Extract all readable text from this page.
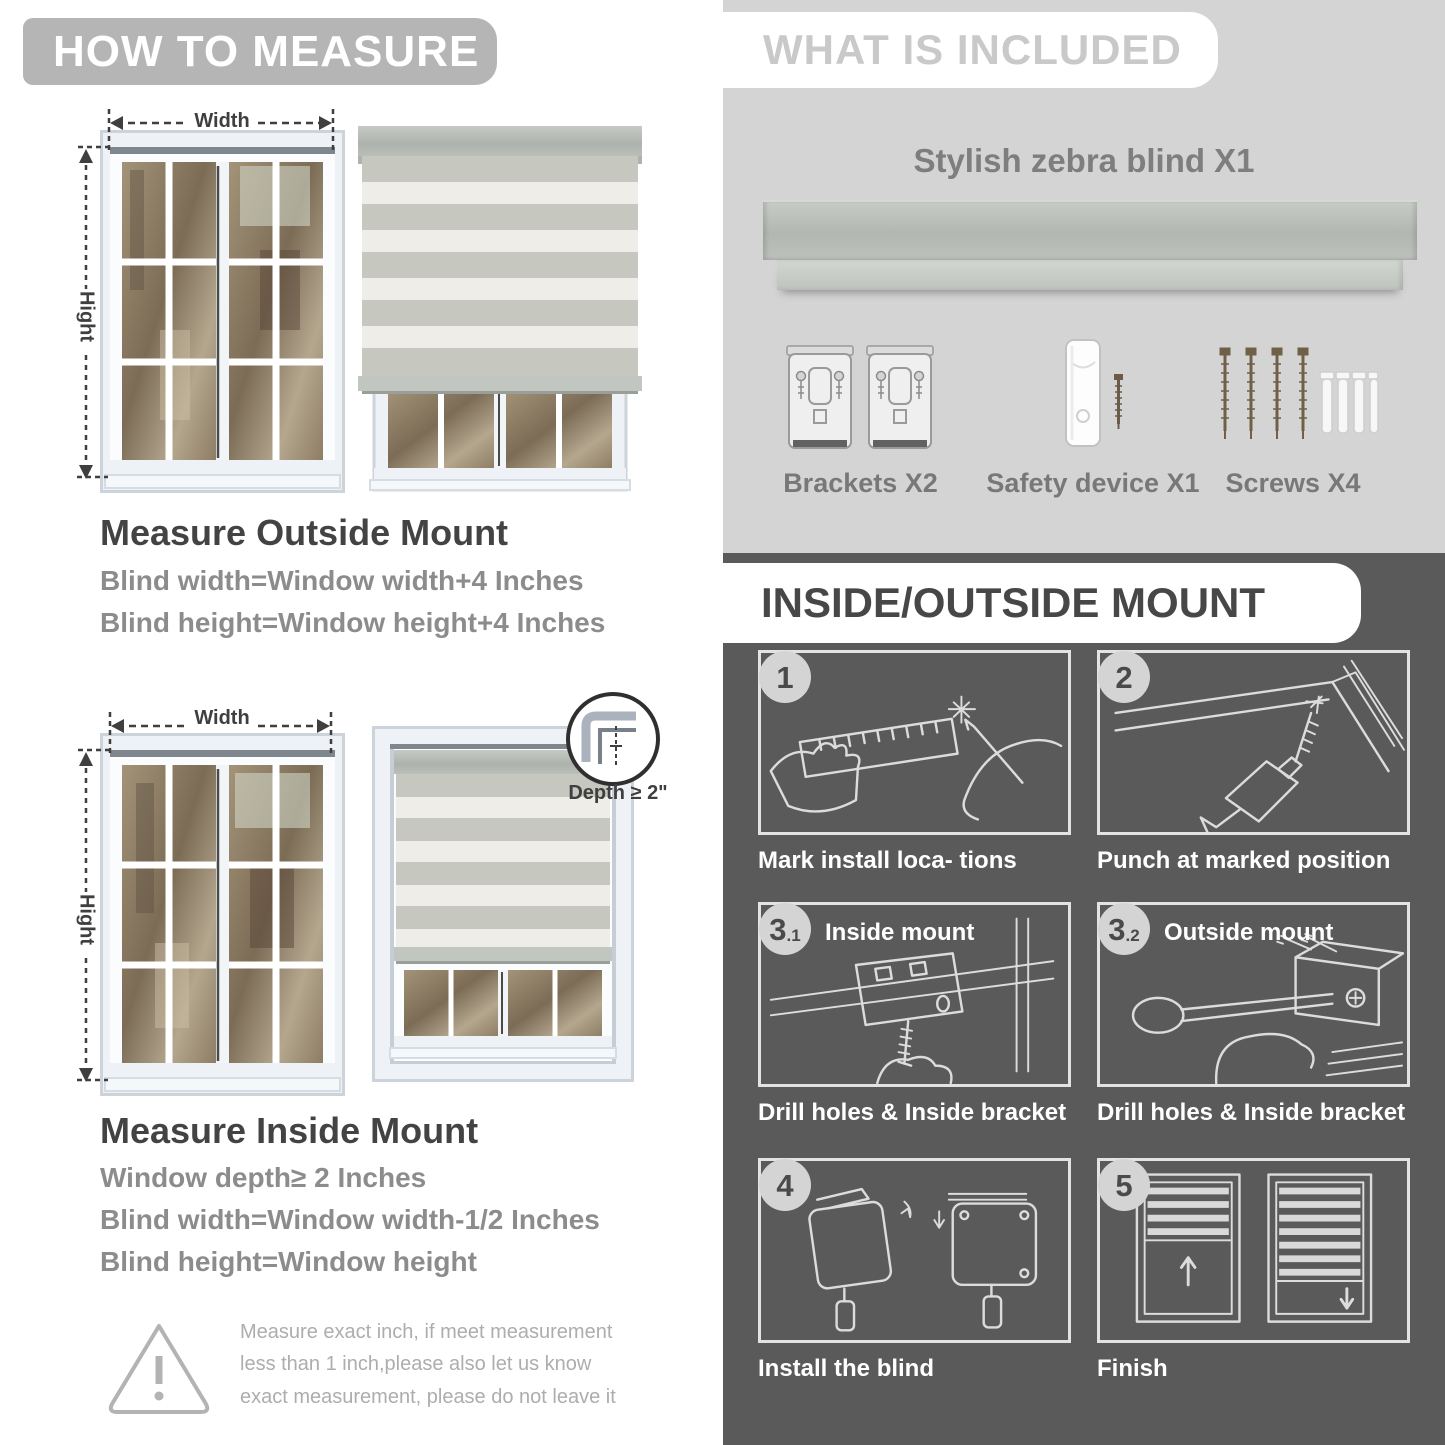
HOW TO MEASURE
Width
Hight
Measure Outside Mount
Blind width=Window width+4 Inches
Blind height=Window height+4 Inches
Width
Hight
Depth ≥ 2"
Measure Inside Mount
Window depth≥ 2 Inches
Blind width=Window width-1/2 Inches
Blind height=Window height
Measure exact inch, if meet measurement less than 1 inch,please also let us know exact measurement, please do not leave it
WHAT IS INCLUDED
Stylish zebra blind X1
Brackets X2	Safety device X1 Screws X4
INSIDE/OUTSIDE MOUNT
1
Mark install loca- tions
2
Punch at marked position
3 .1 Inside mount
Drill holes & Inside bracket
3 .2 Outside mount
Drill holes & Inside bracket
4
Install the blind
5
Finish
